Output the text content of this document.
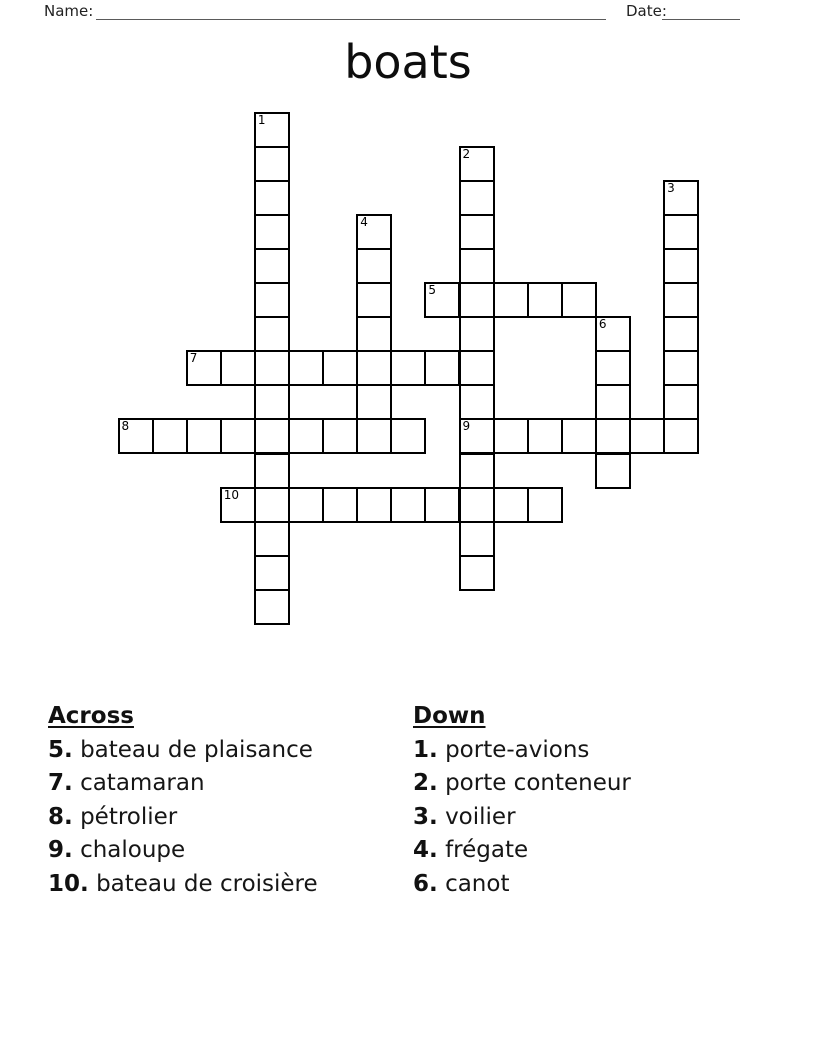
Name:	Date:
boats
1
2
9
3
4
6
5
7
8
10
Across
5. bateau de plaisance
7. catamaran
8. pétrolier
9. chaloupe
10. bateau de croisière
Down
1. porte-avions
2. porte conteneur
3. voilier
4. frégate
6. canot
